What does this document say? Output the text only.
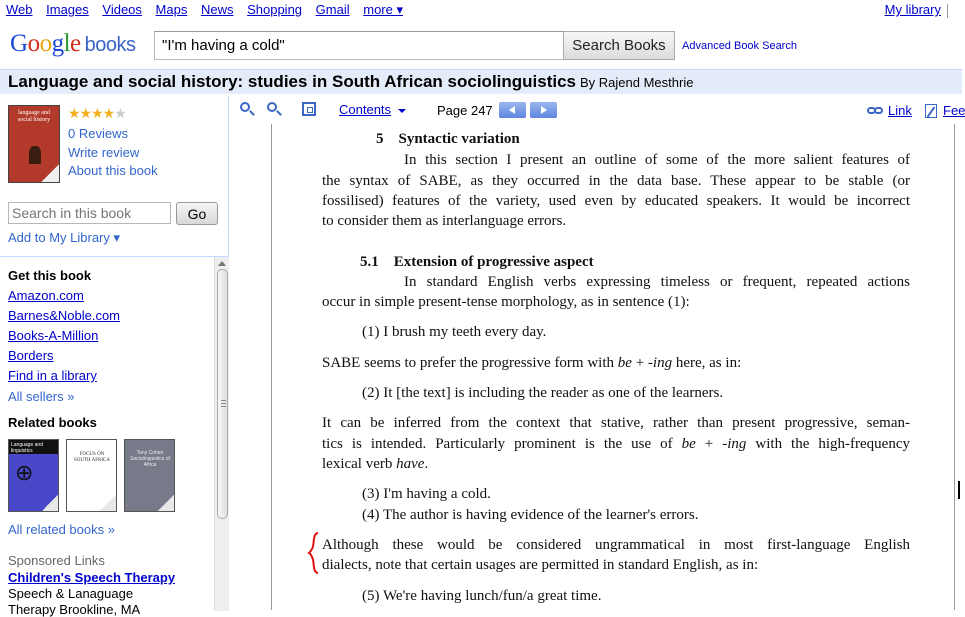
Web Images Videos Maps News Shopping Gmail more ▾	My library
Google books
"I'm having a cold"	Search Books	Advanced Book Search
Language and social history: studies in South African sociolinguistics By Rajend Mesthrie
language and social history	★★★★★
0 Reviews
Write review
About this book
Search in this book
Go
Add to My Library ▾
Get this book
Amazon.com
Barnes&Noble.com
Books-A-Million
Borders
Find in a library
All sellers »
Related books
Language and linguistics
⊕
FOCUS ON SOUTH AFRICA
Tony Cohen Sociolinguistics of Africa
All related books »
Sponsored Links
Children's Speech Therapy
Speech & Lanaguage
Therapy Brookline, MA
Contents	Page 247	Link Fee
5 Syntactic variation
In this section I present an outline of some of the more salient features of
the syntax of SABE, as they occurred in the data base. These appear to be stable (or
fossilised) features of the variety, used even by educated speakers. It would be incorrect
to consider them as interlanguage errors.
5.1 Extension of progressive aspect
In standard English verbs expressing timeless or frequent, repeated actions
occur in simple present-tense morphology, as in sentence (1):
(1) I brush my teeth every day.
SABE seems to prefer the progressive form with be + -ing here, as in:
(2) It [the text] is including the reader as one of the learners.
It can be inferred from the context that stative, rather than present progressive, seman-
tics is intended. Particularly prominent is the use of be + -ing with the high-frequency
lexical verb have.
(3) I'm having a cold.
(4) The author is having evidence of the learner's errors.
Although these would be considered ungrammatical in most first-language English
dialects, note that certain usages are permitted in standard English, as in:
(5) We're having lunch/fun/a great time.
